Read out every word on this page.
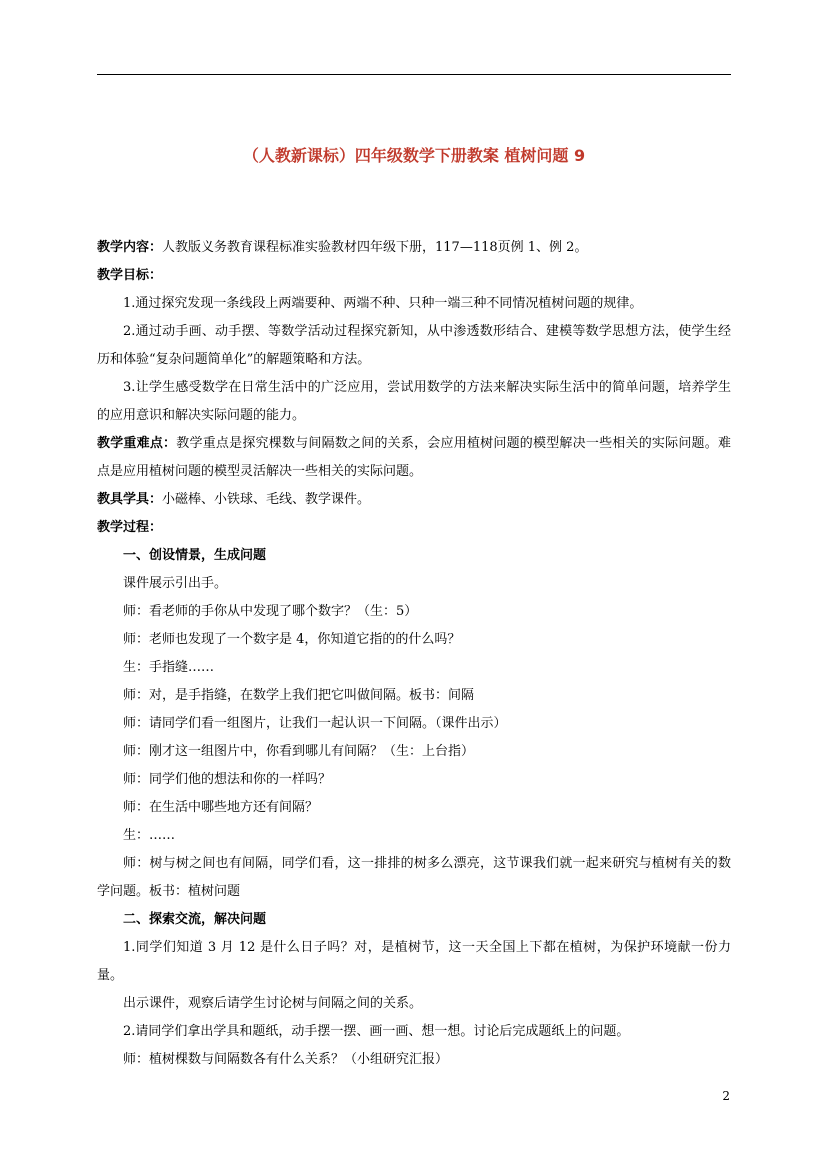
（人教新课标）四年级数学下册教案 植树问题 9

教学内容：人教版义务教育课程标准实验教材四年级下册，117—118页例 1、例 2。

教学目标：

1.通过探究发现一条线段上两端要种、两端不种、只种一端三种不同情况植树问题的规律。

2.通过动手画、动手摆、等数学活动过程探究新知，从中渗透数形结合、建模等数学思想方法，使学生经历和体验“复杂问题简单化”的解题策略和方法。

3.让学生感受数学在日常生活中的广泛应用，尝试用数学的方法来解决实际生活中的简单问题，培养学生的应用意识和解决实际问题的能力。

教学重难点：教学重点是探究棵数与间隔数之间的关系，会应用植树问题的模型解决一些相关的实际问题。难点是应用植树问题的模型灵活解决一些相关的实际问题。

教具学具：小磁棒、小铁球、毛线、教学课件。

教学过程：

一、创设情景，生成问题

课件展示引出手。

师：看老师的手你从中发现了哪个数字？（生：5）

师：老师也发现了一个数字是 4，你知道它指的的什么吗？

生：手指缝……

师：对，是手指缝，在数学上我们把它叫做间隔。板书：间隔

师：请同学们看一组图片，让我们一起认识一下间隔。（课件出示）

师：刚才这一组图片中，你看到哪儿有间隔？（生：上台指）

师：同学们他的想法和你的一样吗？

师：在生活中哪些地方还有间隔？

生：……

师：树与树之间也有间隔，同学们看，这一排排的树多么漂亮，这节课我们就一起来研究与植树有关的数学问题。板书：植树问题

二、探索交流，解决问题

1.同学们知道 3 月 12 是什么日子吗？对，是植树节，这一天全国上下都在植树，为保护环境献一份力量。

出示课件，观察后请学生讨论树与间隔之间的关系。

2.请同学们拿出学具和题纸，动手摆一摆、画一画、想一想。讨论后完成题纸上的问题。

师：植树棵数与间隔数各有什么关系？（小组研究汇报）

2
